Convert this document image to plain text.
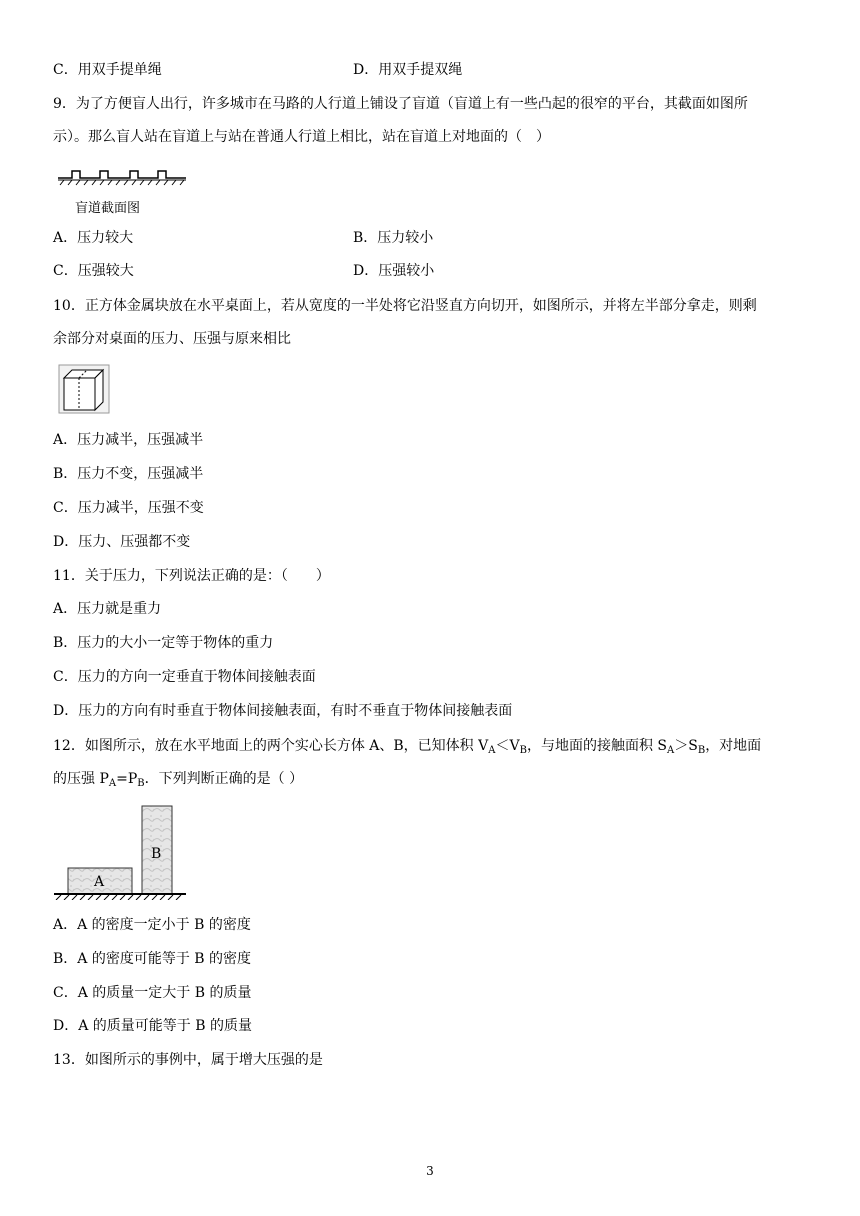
C．用双手提单绳	D．用双手提双绳
9．为了方便盲人出行，许多城市在马路的人行道上铺设了盲道（盲道上有一些凸起的很窄的平台，其截面如图所
示）。那么盲人站在盲道上与站在普通人行道上相比，站在盲道上对地面的（　）
盲道截面图
A．压力较大	B．压力较小
C．压强较大	D．压强较小
10．正方体金属块放在水平桌面上，若从宽度的一半处将它沿竖直方向切开，如图所示，并将左半部分拿走，则剩
余部分对桌面的压力、压强与原来相比
A．压力减半，压强减半
B．压力不变，压强减半
C．压力减半，压强不变
D．压力、压强都不变
11．关于压力，下列说法正确的是：（　　）
A．压力就是重力
B．压力的大小一定等于物体的重力
C．压力的方向一定垂直于物体间接触表面
D．压力的方向有时垂直于物体间接触表面，有时不垂直于物体间接触表面
12．如图所示，放在水平地面上的两个实心长方体 A、B，已知体积 $V_A<V_B$，与地面的接触面积 $S_A>S_B$，对地面
的压强 $P_A=P_B$．下列判断正确的是（ ）
A
B
A．A 的密度一定小于 B 的密度
B．A 的密度可能等于 B 的密度
C．A 的质量一定大于 B 的质量
D．A 的质量可能等于 B 的质量
13．如图所示的事例中，属于增大压强的是
3
